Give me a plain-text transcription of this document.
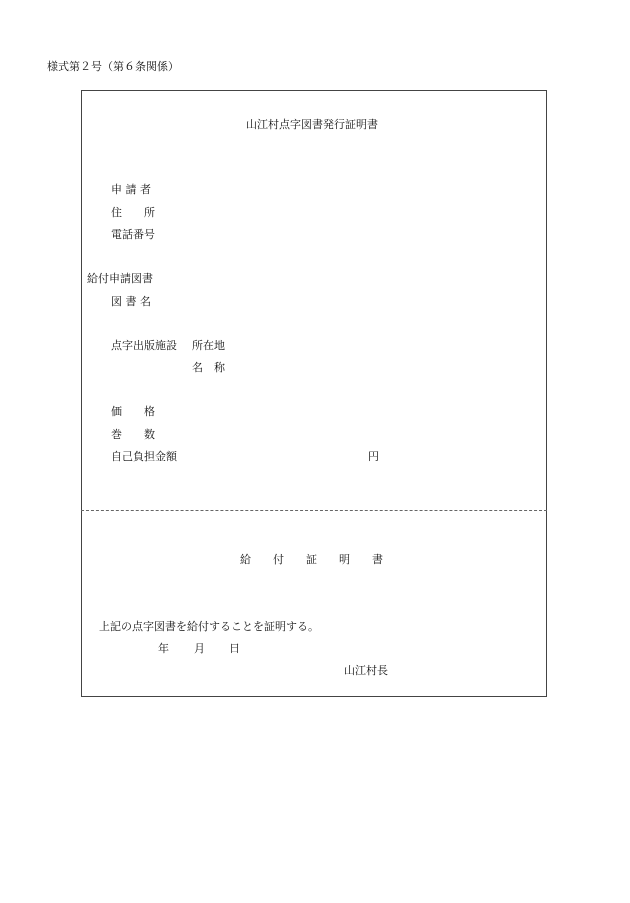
様式第２号（第６条関係）
山江村点字図書発行証明書
申 請 者
住　　所
電話番号
給付申請図書
図 書 名
点字出版施設 所在地
名　称
価　　格
巻　　数
自己負担金額	円
給　　付　　証　　明　　書
上記の点字図書を給付することを証明する。
年 月 日
山江村長
